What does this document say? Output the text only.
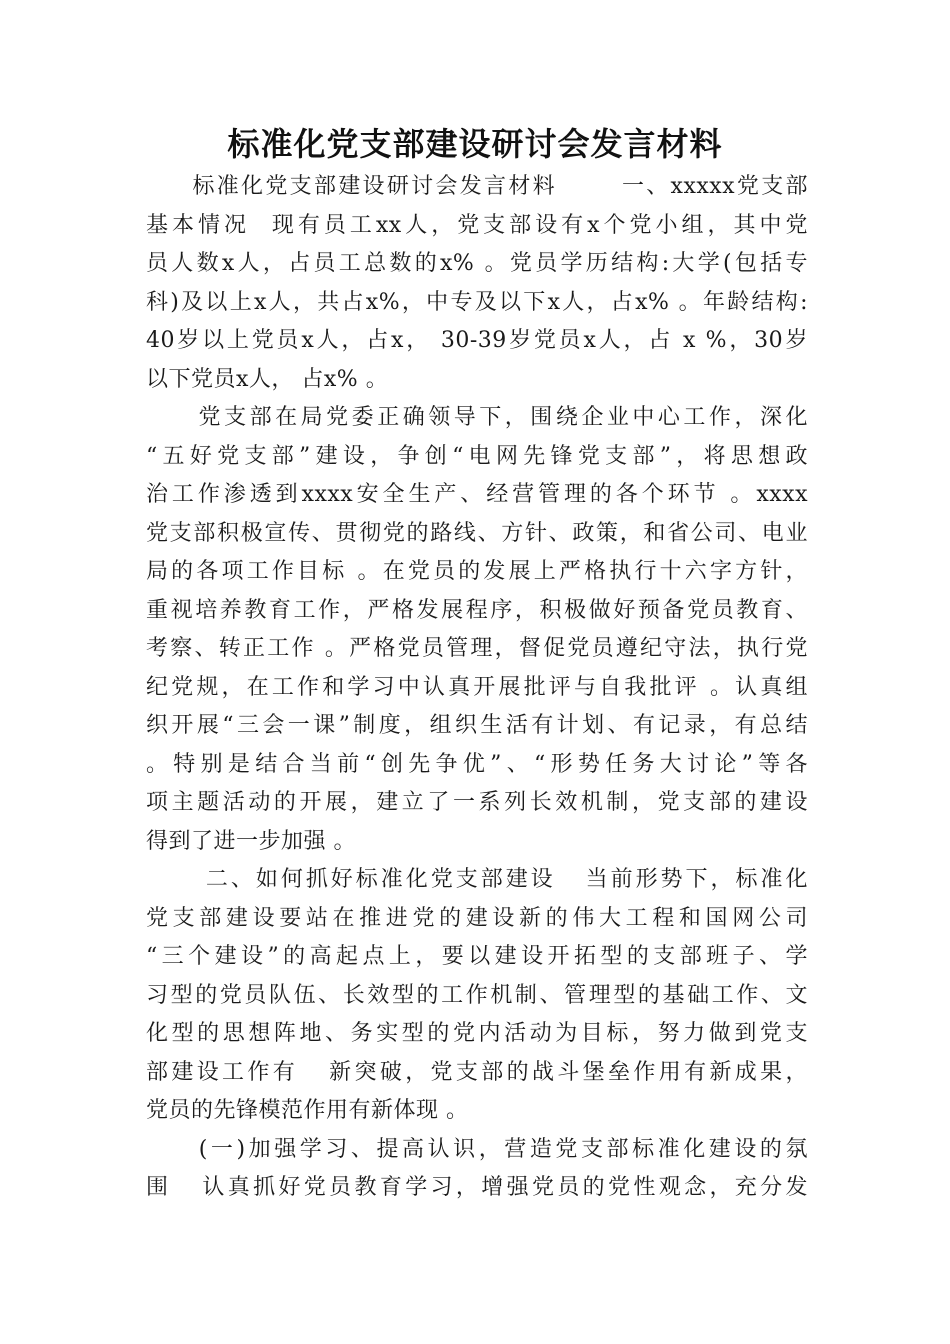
标准化党支部建设研讨会发言材料
标准化党支部建设研讨会发言材料       一、xxxxx党支部
基本情况  现有员工xx人，党支部设有x个党小组，其中党
员人数x人，占员工总数的x% 。党员学历结构:大学(包括专
科)及以上x人，共占x%，中专及以下x人，占x% 。年龄结构:
40岁以上党员x人，占x， 30-39岁党员x人，占 x %，30岁
以下党员x人， 占x% 。
党支部在局党委正确领导下，围绕企业中心工作，深化
“五好党支部”建设，争创“电网先锋党支部”，将思想政
治工作渗透到xxxx安全生产、经营管理的各个环节 。xxxx
党支部积极宣传、贯彻党的路线、方针、政策，和省公司、电业
局的各项工作目标 。在党员的发展上严格执行十六字方针，
重视培养教育工作，严格发展程序，积极做好预备党员教育、
考察、转正工作 。严格党员管理，督促党员遵纪守法，执行党
纪党规，在工作和学习中认真开展批评与自我批评 。认真组
织开展“三会一课”制度，组织生活有计划、有记录，有总结
。特别是结合当前“创先争优”、“形势任务大讨论”等各
项主题活动的开展，建立了一系列长效机制，党支部的建设
得到了进一步加强 。
二、如何抓好标准化党支部建设   当前形势下，标准化
党支部建设要站在推进党的建设新的伟大工程和国网公司
“三个建设”的高起点上，要以建设开拓型的支部班子、学
习型的党员队伍、长效型的工作机制、管理型的基础工作、文
化型的思想阵地、务实型的党内活动为目标，努力做到党支
部建设工作有   新突破，党支部的战斗堡垒作用有新成果，
党员的先锋模范作用有新体现 。
(一)加强学习、提高认识，营造党支部标准化建设的氛
围   认真抓好党员教育学习，增强党员的党性观念，充分发
